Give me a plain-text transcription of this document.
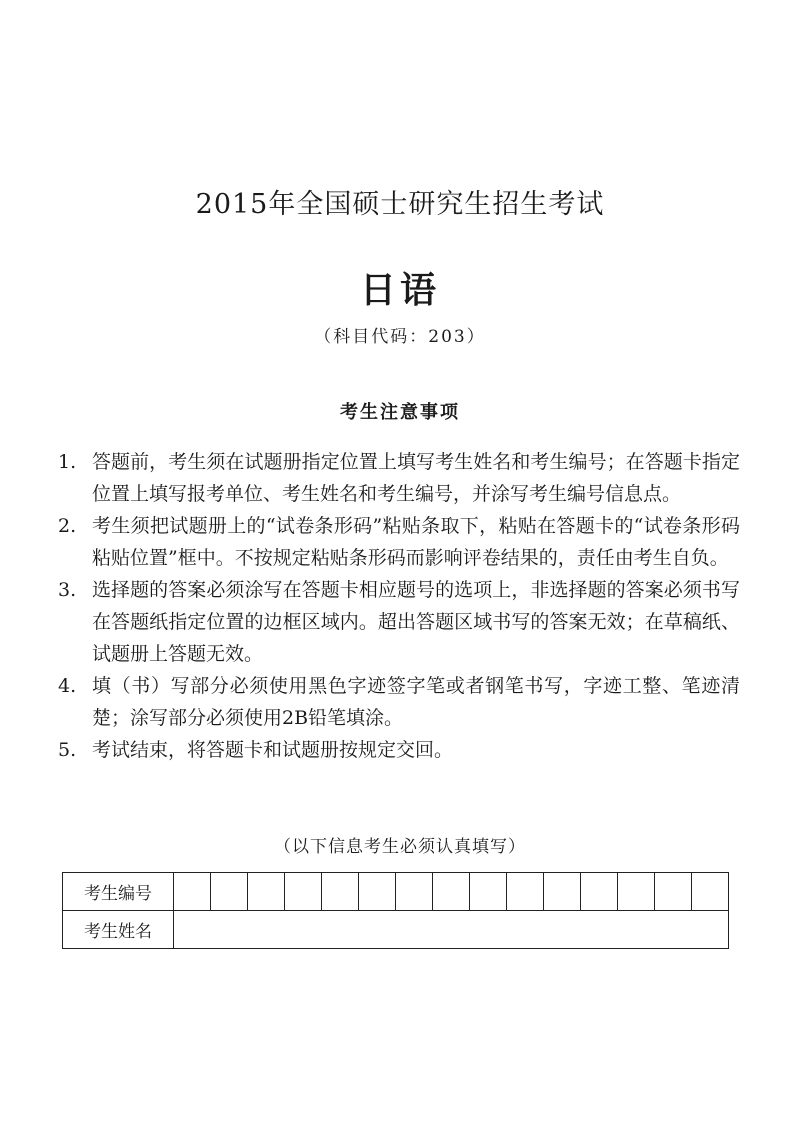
2015年全国硕士研究生招生考试
日语
（科目代码：203）
考生注意事项
1. 答题前，考生须在试题册指定位置上填写考生姓名和考生编号；在答题卡指定位置上填写报考单位、考生姓名和考生编号，并涂写考生编号信息点。
2. 考生须把试题册上的“试卷条形码”粘贴条取下，粘贴在答题卡的“试卷条形码粘贴位置”框中。不按规定粘贴条形码而影响评卷结果的，责任由考生自负。
3. 选择题的答案必须涂写在答题卡相应题号的选项上，非选择题的答案必须书写在答题纸指定位置的边框区域内。超出答题区域书写的答案无效；在草稿纸、试题册上答题无效。
4. 填（书）写部分必须使用黑色字迹签字笔或者钢笔书写，字迹工整、笔迹清楚；涂写部分必须使用2B铅笔填涂。
5. 考试结束，将答题卡和试题册按规定交回。
（以下信息考生必须认真填写）
考生编号															
考生姓名															
